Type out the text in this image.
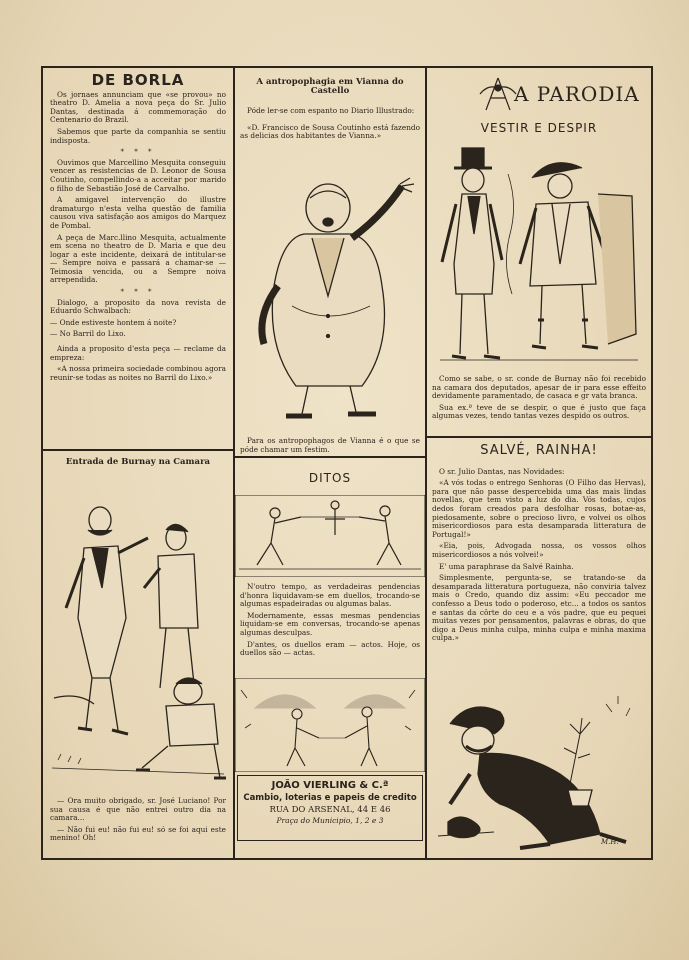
DE BORLA

Os jornaes annunciam que «se provou» no theatro D. Amelia a nova peça do Sr. Julio Dantas, destinada á commemoração do Centenario do Brazil.

Sabemos que parte da companhia se sentiu indisposta.

* * *

Ouvimos que Marcellino Mesquita conseguiu vencer as resistencias de D. Leonor de Sousa Coutinho, compellindo-a a acceitar por marido o filho de Sebastião José de Carvalho.

A amigavel intervenção do illustre dramaturgo n'esta velha questão de familia causou viva satisfação aos amigos do Marquez de Pombal.

A peça de Marc.llino Mesquita, actualmente em scena no theatro de D. Maria e que deu logar a este incidente, deixará de intitular-se — Sempre noiva e passará a chamar-se — Teimosia vencida, ou a Sempre noiva arrependida.

* * *

Dialogo, a proposito da nova revista de Eduardo Schwalbach:

— Onde estiveste hontem á noite?

— No Barril do Lixo.

Ainda a proposito d'esta peça — reclame da empreza:

«A nossa primeira sociedade combinou agora reunir-se todas as noites no Barril do Lixo.»

Entrada de Burnay na Camara

— Ora muito obrigado, sr. José Luciano! Por sua causa é que não entrei outro dia na camara...

— Não fui eu! não fui eu! só se foi aqui este menino! Oh!

A antropophagia em Vianna do Castello

Póde ler-se com espanto no Diario Illustrado:

«D. Francisco de Sousa Coutinho está fazendo as delicias dos habitantes de Vianna.»

Para os antropophagos de Vianna é o que se póde chamar um festim.

DITOS

N'outro tempo, as verdadeiras pendencias d'honra liquidavam-se em duellos, trocando-se algumas espadeiradas ou algumas balas.

Modernamente, essas mesmas pendencias liquidam-se em conversas, trocando-se apenas algumas desculpas.

D'antes, os duellos eram — actos. Hoje, os duellos são — actas.

JOÃO VIERLING & C.ª
Cambio, loterias e papeis de credito
RUA DO ARSENAL, 44 E 46
Praça do Municipio, 1, 2 e 3
A PARODIA
VESTIR E DESPIR

Como se sabe, o sr. conde de Burnay não foi recebido na camara dos deputados, apesar de ir para esse effeito devidamente paramentado, de casaca e gr vata branca.

Sua ex.ª teve de se despir, o que é justo que faça algumas vezes, tendo tantas vezes despido os outros.

SALVÉ, RAINHA!

O sr. Julio Dantas, nas Novidades:

«A vós todas o entrego Senhoras (O Filho das Hervas), para que não passe despercebida uma das mais lindas novellas, que tem visto a luz do dia. Vós todas, cujos dedos foram creados para desfolhar rosas, botae-as, piedosamente, sobre o precioso livro, e volvei os olhos misericordiosos para esta desamparada litteratura de Portugal!»

«Eia, pois, Advogada nossa, os vossos olhos misericordiosos a nós volvei!»

E' uma paraphrase da Salvé Rainha.

Simplesmente, pergunta-se, se tratando-se da desamparada litteratura portugueza, não conviria talvez mais o Credo, quando diz assim: «Eu peccador me confesso a Deus todo o poderoso, etc... a todos os santos e santas da côrte do ceu e a vós padre, que eu pequei muitas vezes por pensamentos, palavras e obras, do que digo a Deus minha culpa, minha culpa e minha maxima culpa.»

M.H.
